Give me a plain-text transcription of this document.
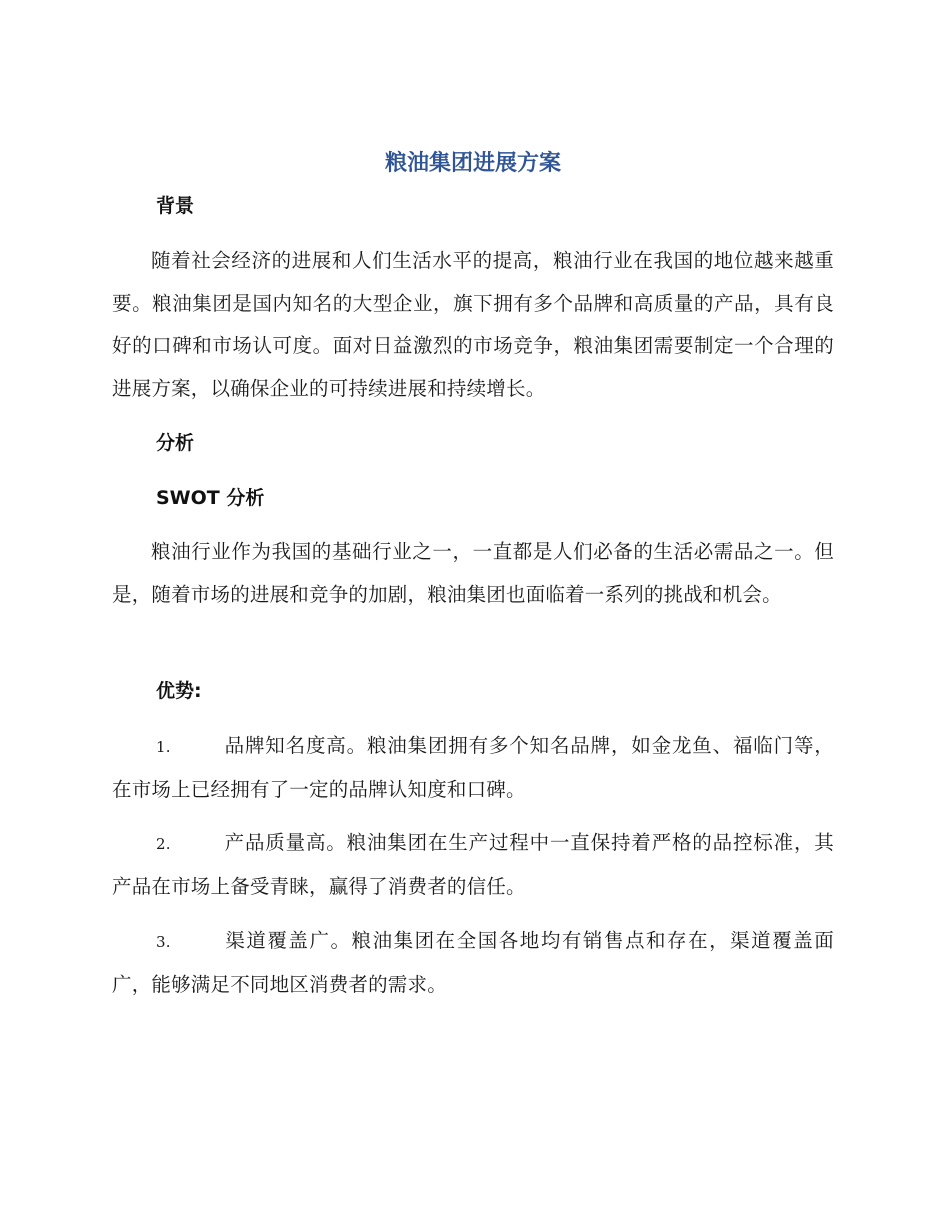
粮油集团进展方案
背景

随着社会经济的进展和人们生活水平的提高，粮油行业在我国的地位越来越重要。粮油集团是国内知名的大型企业，旗下拥有多个品牌和高质量的产品，具有良好的口碑和市场认可度。面对日益激烈的市场竞争，粮油集团需要制定一个合理的进展方案，以确保企业的可持续进展和持续增长。

分析
SWOT 分析

粮油行业作为我国的基础行业之一，一直都是人们必备的生活必需品之一。但是，随着市场的进展和竞争的加剧，粮油集团也面临着一系列的挑战和机会。

优势:

1.	品牌知名度高。粮油集团拥有多个知名品牌，如金龙鱼、福临门等，在市场上已经拥有了一定的品牌认知度和口碑。

2.	产品质量高。粮油集团在生产过程中一直保持着严格的品控标准，其产品在市场上备受青睐，赢得了消费者的信任。

3.	渠道覆盖广。粮油集团在全国各地均有销售点和存在，渠道覆盖面广，能够满足不同地区消费者的需求。
